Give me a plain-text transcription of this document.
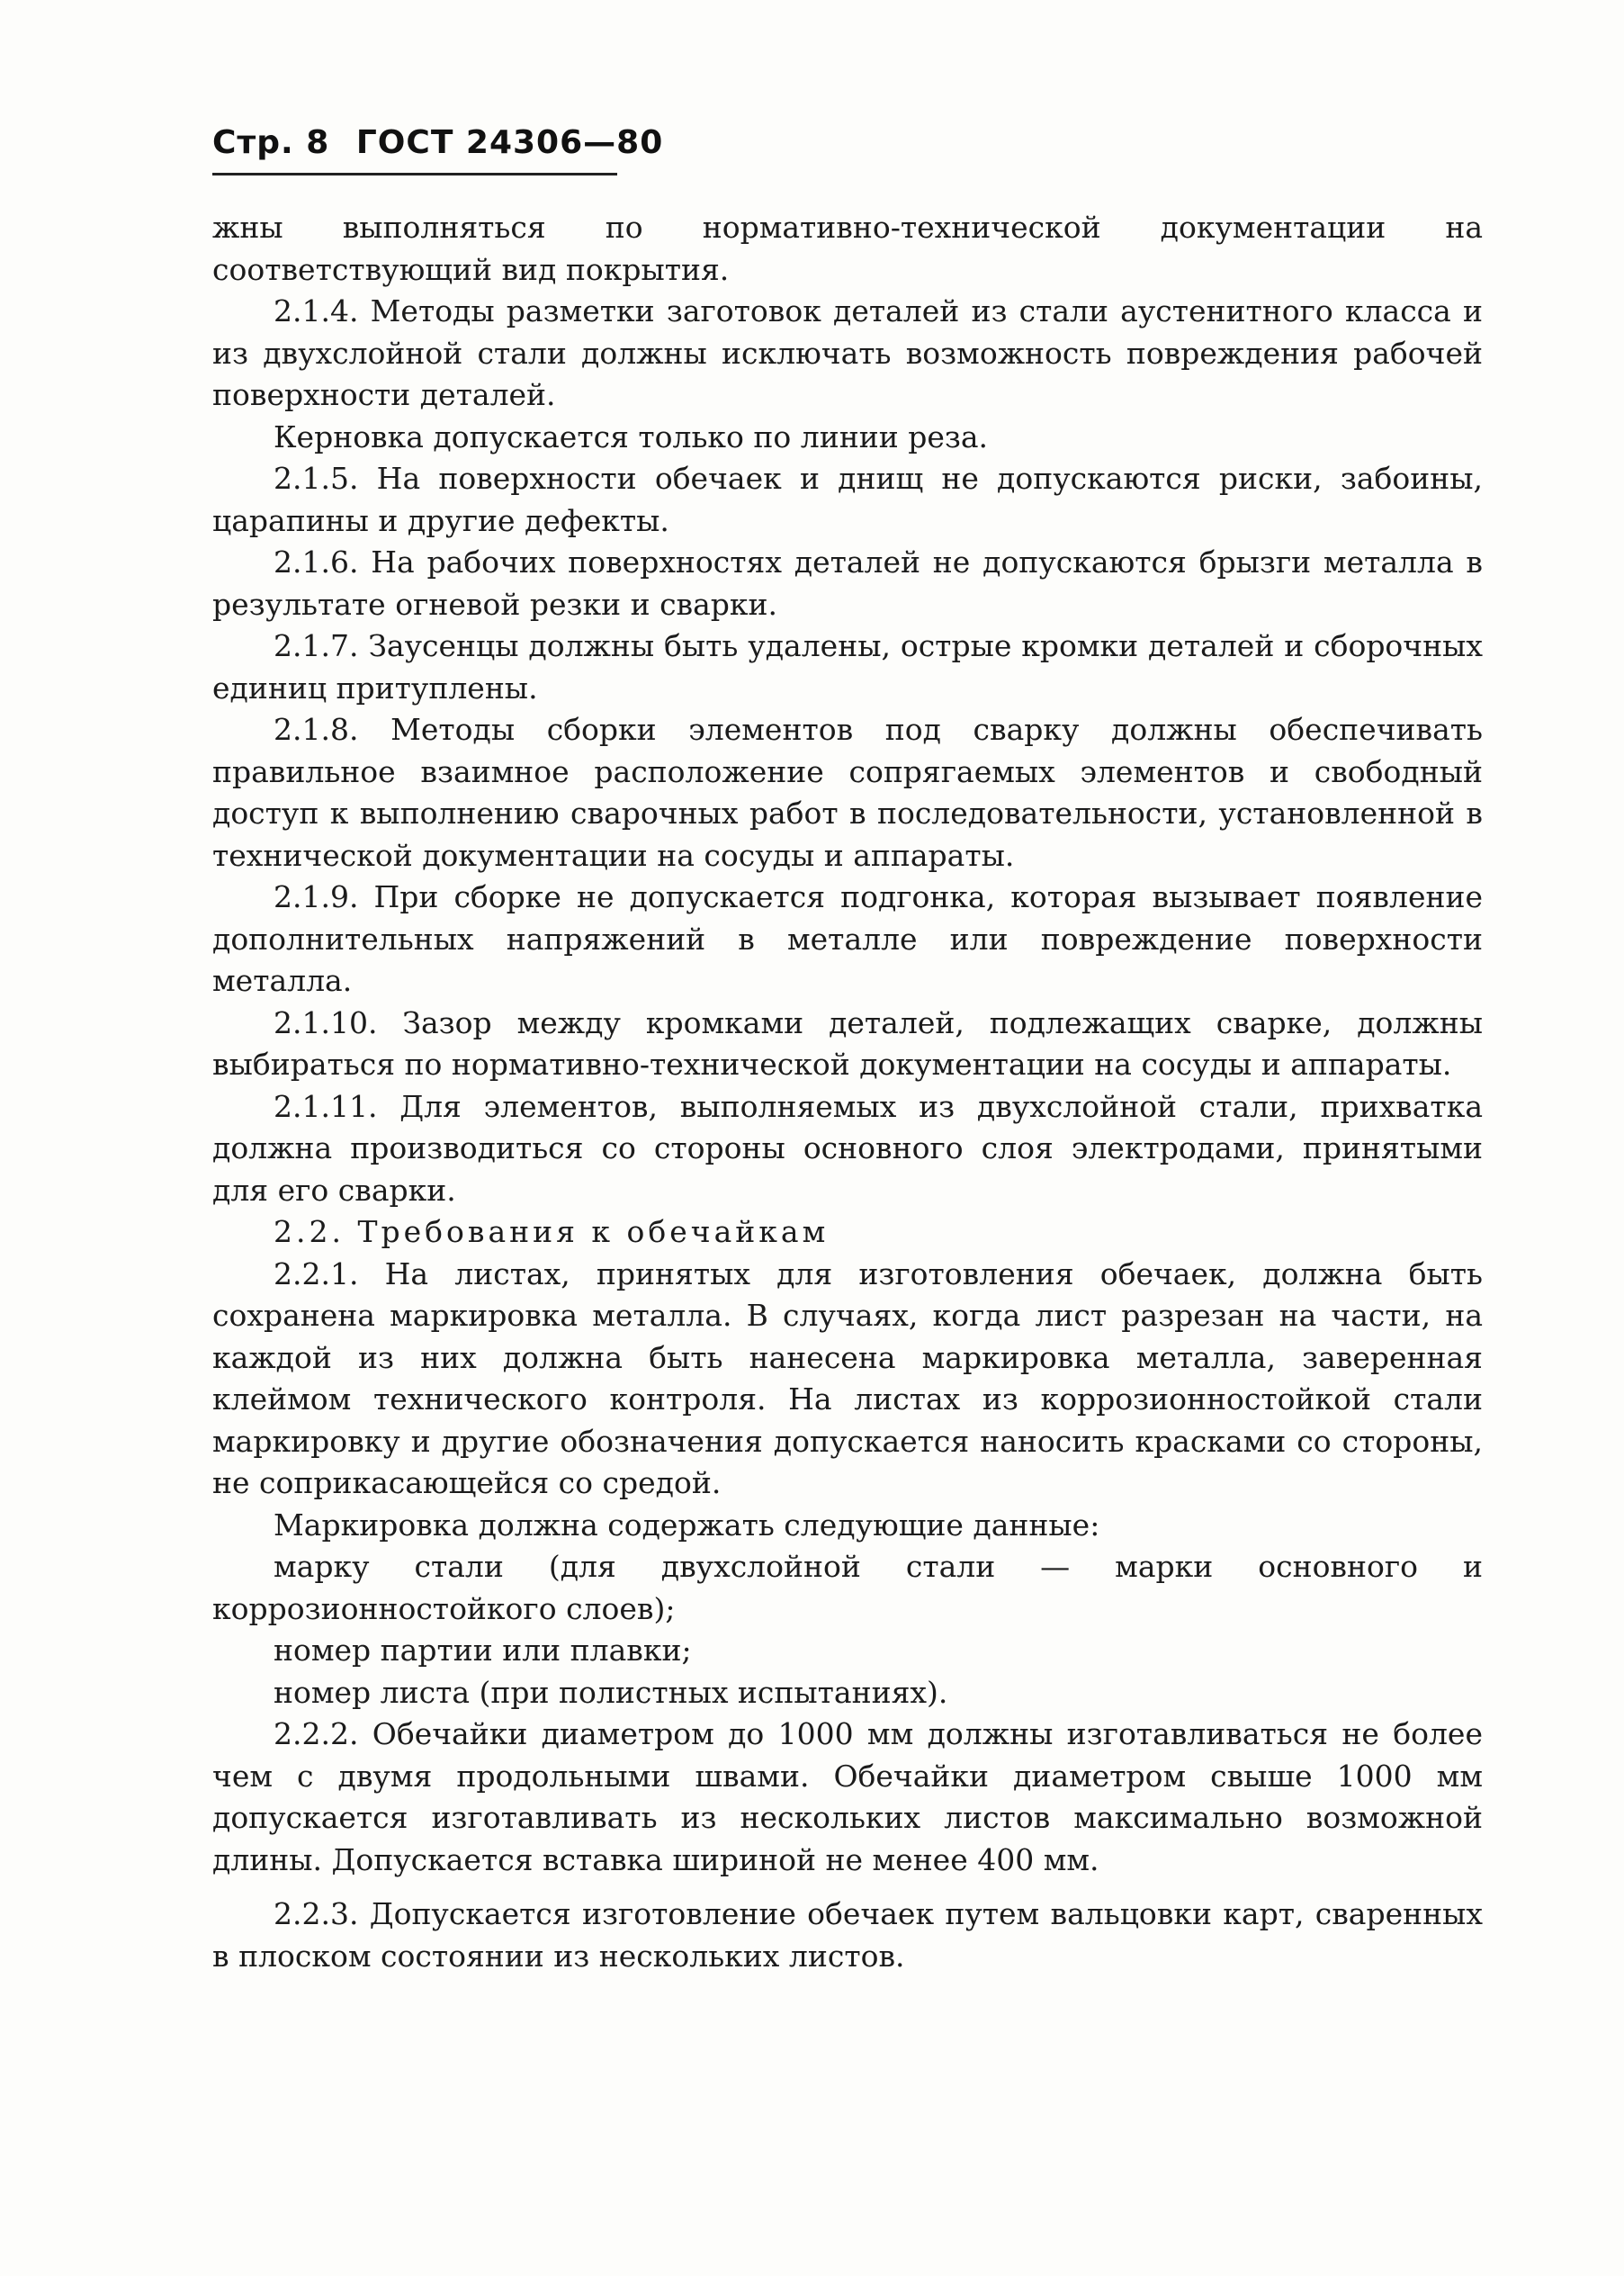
Стр. 8 ГОСТ 24306—80

жны выполняться по нормативно-технической документации на соответствующий вид покрытия.

2.1.4. Методы разметки заготовок деталей из стали аустенитного класса и из двухслойной стали должны исключать возможность повреждения рабочей поверхности деталей.

Керновка допускается только по линии реза.

2.1.5. На поверхности обечаек и днищ не допускаются риски, забоины, царапины и другие дефекты.

2.1.6. На рабочих поверхностях деталей не допускаются брызги металла в результате огневой резки и сварки.

2.1.7. Заусенцы должны быть удалены, острые кромки деталей и сборочных единиц притуплены.

2.1.8. Методы сборки элементов под сварку должны обеспечивать правильное взаимное расположение сопрягаемых элементов и свободный доступ к выполнению сварочных работ в последовательности, установленной в технической документации на сосуды и аппараты.

2.1.9. При сборке не допускается подгонка, которая вызывает появление дополнительных напряжений в металле или повреждение поверхности металла.

2.1.10. Зазор между кромками деталей, подлежащих сварке, должны выбираться по нормативно-технической документации на сосуды и аппараты.

2.1.11. Для элементов, выполняемых из двухслойной стали, прихватка должна производиться со стороны основного слоя электродами, принятыми для его сварки.

2.2. Требования к обечайкам

2.2.1. На листах, принятых для изготовления обечаек, должна быть сохранена маркировка металла. В случаях, когда лист разрезан на части, на каждой из них должна быть нанесена маркировка металла, заверенная клеймом технического контроля. На листах из коррозионностойкой стали маркировку и другие обозначения допускается наносить красками со стороны, не соприкасающейся со средой.

Маркировка должна содержать следующие данные:

марку стали (для двухслойной стали — марки основного и коррозионностойкого слоев);

номер партии или плавки;

номер листа (при полистных испытаниях).

2.2.2. Обечайки диаметром до 1000 мм должны изготавливаться не более чем с двумя продольными швами. Обечайки диаметром свыше 1000 мм допускается изготавливать из нескольких листов максимально возможной длины. Допускается вставка шириной не менее 400 мм.

2.2.3. Допускается изготовление обечаек путем вальцовки карт, сваренных в плоском состоянии из нескольких листов.
